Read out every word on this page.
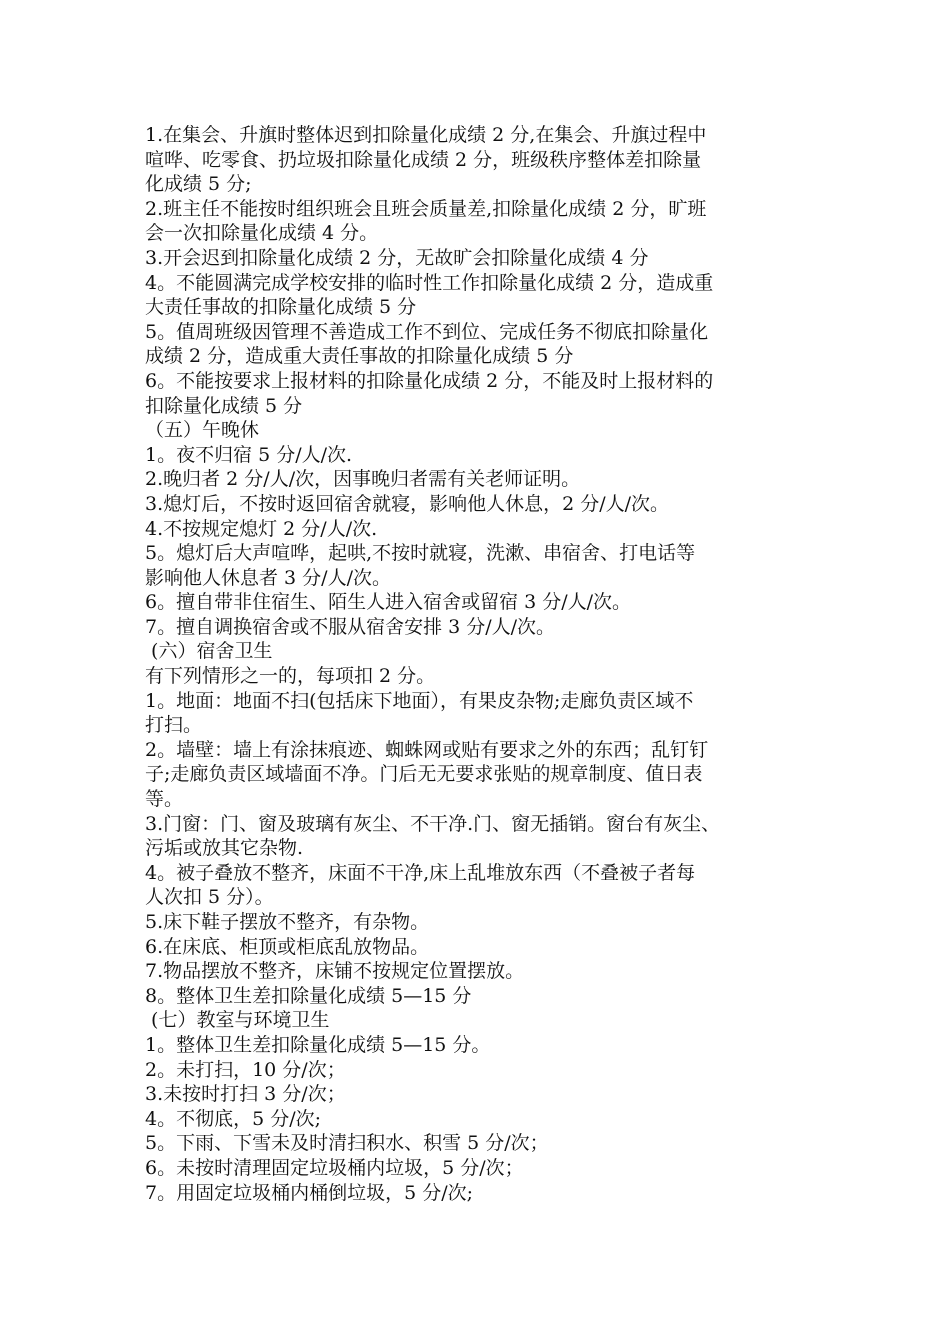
1.在集会、升旗时整体迟到扣除量化成绩 2 分,在集会、升旗过程中

喧哗、吃零食、扔垃圾扣除量化成绩 2 分，班级秩序整体差扣除量

化成绩 5 分;

2.班主任不能按时组织班会且班会质量差,扣除量化成绩 2 分，旷班

会一次扣除量化成绩 4 分。

3.开会迟到扣除量化成绩 2 分，无故旷会扣除量化成绩 4 分

4。不能圆满完成学校安排的临时性工作扣除量化成绩 2 分，造成重

大责任事故的扣除量化成绩 5 分

5。值周班级因管理不善造成工作不到位、完成任务不彻底扣除量化

成绩 2 分，造成重大责任事故的扣除量化成绩 5 分

6。不能按要求上报材料的扣除量化成绩 2 分，不能及时上报材料的

扣除量化成绩 5 分

（五）午晚休

1。夜不归宿 5 分/人/次.

2.晚归者 2 分/人/次，因事晚归者需有关老师证明。

3.熄灯后，不按时返回宿舍就寝，影响他人休息，2 分/人/次。

4.不按规定熄灯 2 分/人/次.

5。熄灯后大声喧哗，起哄,不按时就寝，洗漱、串宿舍、打电话等

影响他人休息者 3 分/人/次。

6。擅自带非住宿生、陌生人进入宿舍或留宿 3 分/人/次。

7。擅自调换宿舍或不服从宿舍安排 3 分/人/次。

(六）宿舍卫生

有下列情形之一的，每项扣 2 分。

1。地面：地面不扫(包括床下地面），有果皮杂物;走廊负责区域不

打扫。

2。墙壁：墙上有涂抹痕迹、蜘蛛网或贴有要求之外的东西；乱钉钉

子;走廊负责区域墙面不净。门后无无要求张贴的规章制度、值日表

等。

3.门窗：门、窗及玻璃有灰尘、不干净.门、窗无插销。窗台有灰尘、

污垢或放其它杂物.

4。被子叠放不整齐，床面不干净,床上乱堆放东西（不叠被子者每

人次扣 5 分）。

5.床下鞋子摆放不整齐，有杂物。

6.在床底、柜顶或柜底乱放物品。

7.物品摆放不整齐，床铺不按规定位置摆放。

8。整体卫生差扣除量化成绩 5—15 分

(七）教室与环境卫生

1。整体卫生差扣除量化成绩 5—15 分。

2。未打扫，10 分/次；

3.未按时打扫 3 分/次；

4。不彻底，5 分/次;

5。下雨、下雪未及时清扫积水、积雪 5 分/次；

6。未按时清理固定垃圾桶内垃圾，5 分/次；

7。用固定垃圾桶内桶倒垃圾，5 分/次;
